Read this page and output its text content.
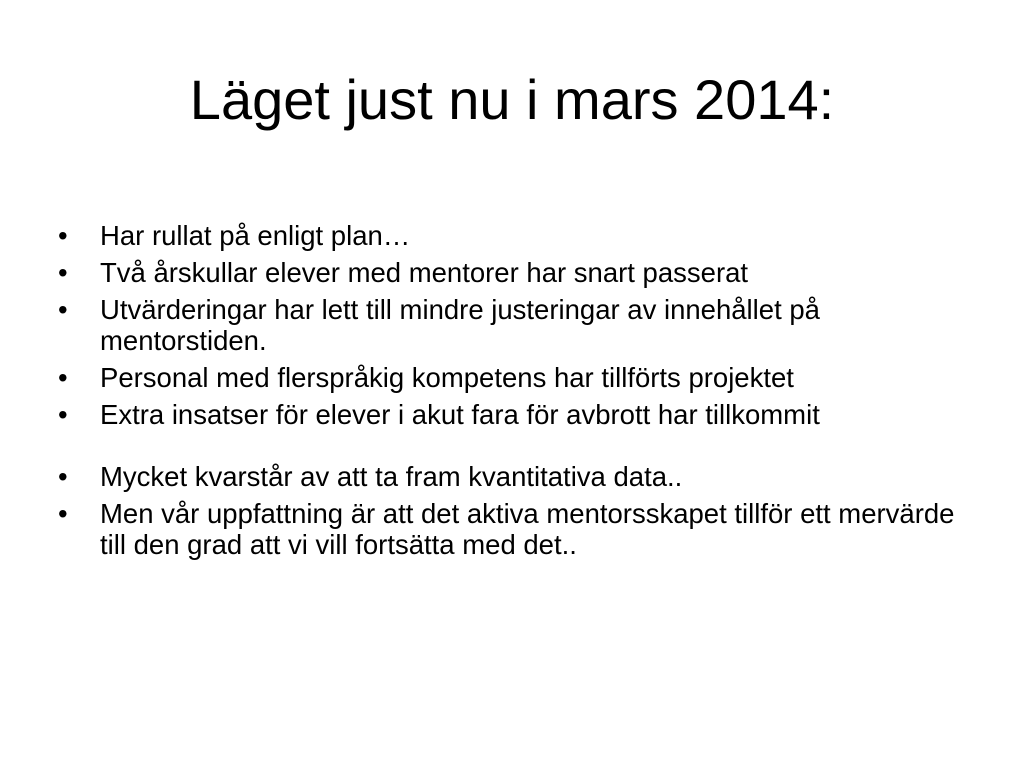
Läget just nu i mars 2014:
•	Har rullat på enligt plan…
•	Två årskullar elever med mentorer har snart passerat
•	Utvärderingar har lett till mindre justeringar av innehållet på mentorstiden.
•	Personal med flerspråkig kompetens har tillförts projektet
•	Extra insatser för elever i akut fara för avbrott har tillkommit
•	Mycket kvarstår av att ta fram kvantitativa data..
•	Men vår uppfattning är att det aktiva mentorsskapet tillför ett mervärde till den grad att vi vill fortsätta med det..
